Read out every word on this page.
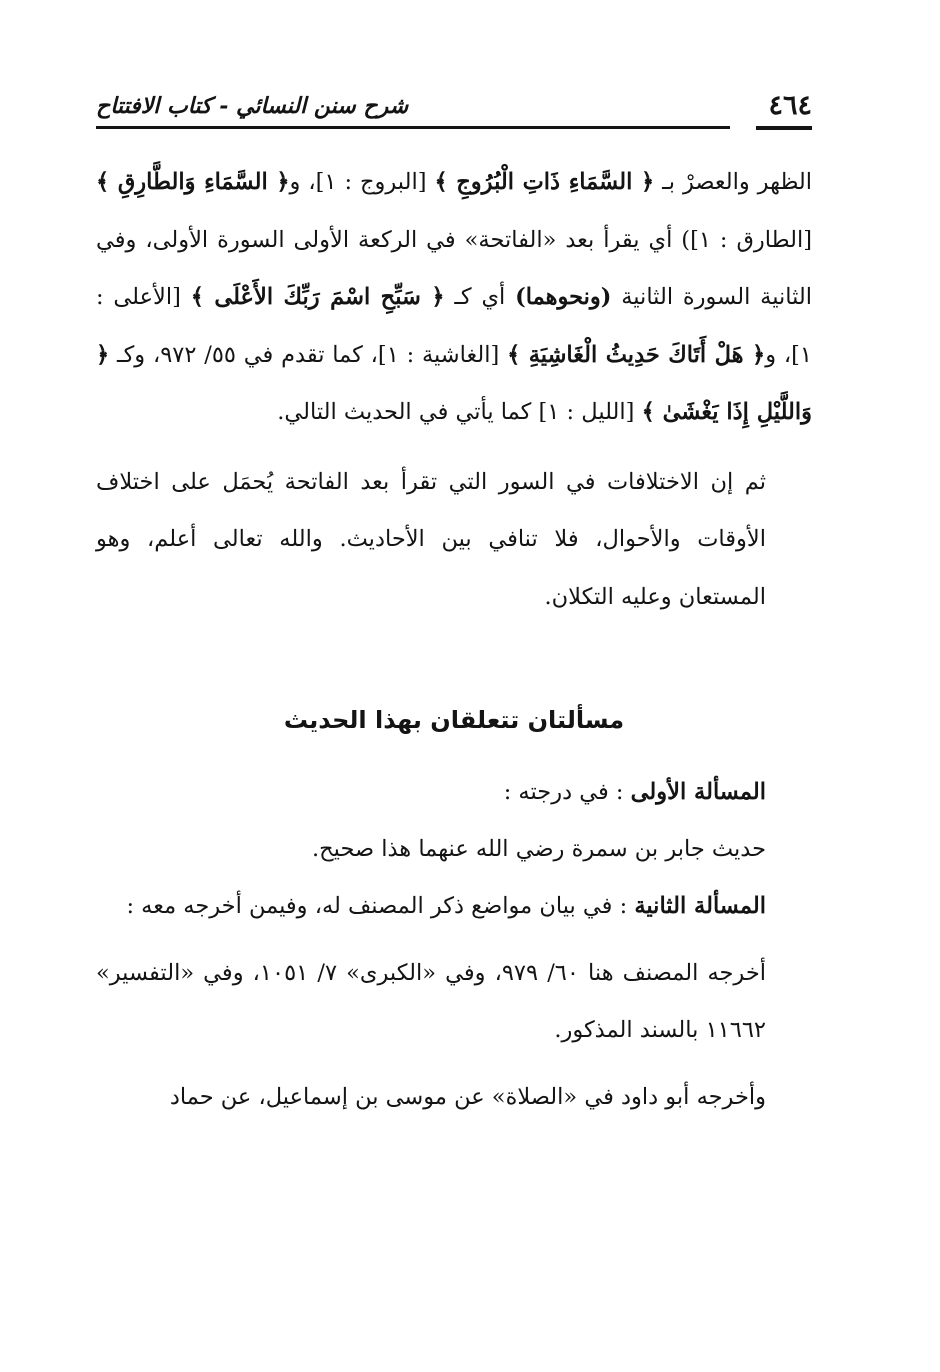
٤٦٤
شرح سنن النسائي - كتاب الافتتاح

الظهر والعصرْ بـ ﴿ السَّمَاءِ ذَاتِ الْبُرُوجِ ﴾ [البروج : ١]، و﴿ السَّمَاءِ وَالطَّارِقِ ﴾ [الطارق : ١]) أي يقرأ بعد «الفاتحة» في الركعة الأولى السورة الأولى، وفي الثانية السورة الثانية (ونحوهما) أي كـ ﴿ سَبِّحِ اسْمَ رَبِّكَ الأَعْلَى ﴾ [الأعلى : ١]، و﴿ هَلْ أَتَاكَ حَدِيثُ الْغَاشِيَةِ ﴾ [الغاشية : ١]، كما تقدم في ٥٥/ ٩٧٢، وكـ ﴿ وَاللَّيْلِ إِذَا يَغْشَىٰ ﴾ [الليل : ١] كما يأتي في الحديث التالي.

ثم إن الاختلافات في السور التي تقرأ بعد الفاتحة يُحمَل على اختلاف الأوقات والأحوال، فلا تنافي بين الأحاديث. والله تعالى أعلم، وهو المستعان وعليه التكلان.

مسألتان تتعلقان بهذا الحديث

المسألة الأولى : في درجته :

حديث جابر بن سمرة رضي الله عنهما هذا صحيح.

المسألة الثانية : في بيان مواضع ذكر المصنف له، وفيمن أخرجه معه :

أخرجه المصنف هنا ٦٠/ ٩٧٩، وفي «الكبرى» ٧/ ١٠٥١، وفي «التفسير» ١١٦٦٢ بالسند المذكور.

وأخرجه أبو داود في «الصلاة» عن موسى بن إسماعيل، عن حماد
